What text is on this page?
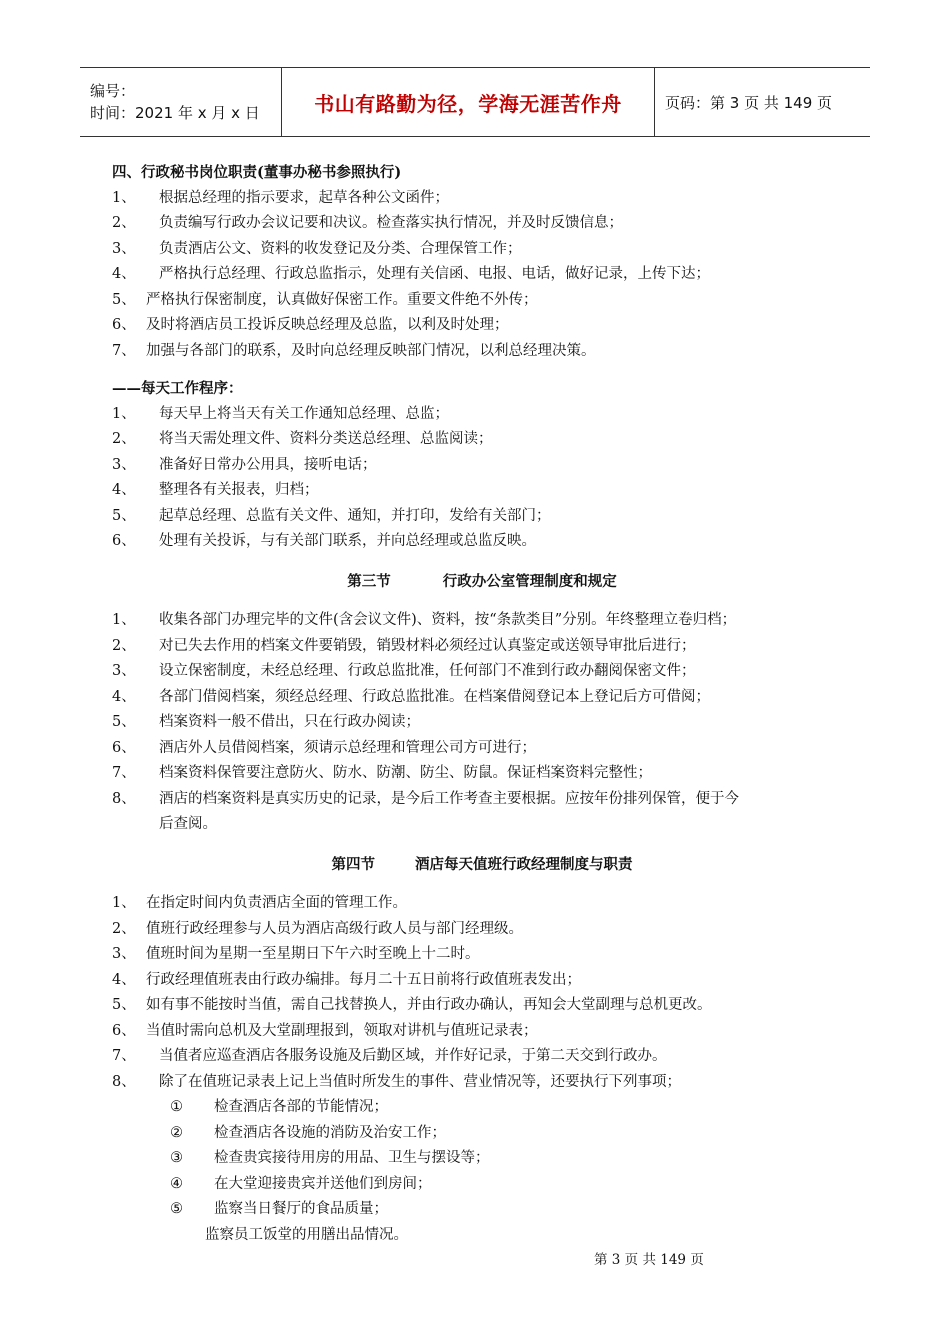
编号：
时间：2021 年 x 月 x 日	书山有路勤为径，学海无涯苦作舟	页码：第 3 页 共 149 页
四、行政秘书岗位职责(董事办秘书参照执行)
1、 根据总经理的指示要求，起草各种公文函件；
2、 负责编写行政办会议记要和决议。检查落实执行情况，并及时反馈信息；
3、 负责酒店公文、资料的收发登记及分类、合理保管工作；
4、 严格执行总经理、行政总监指示，处理有关信函、电报、电话，做好记录，上传下达；
5、 严格执行保密制度，认真做好保密工作。重要文件绝不外传；
6、 及时将酒店员工投诉反映总经理及总监，以利及时处理；
7、 加强与各部门的联系，及时向总经理反映部门情况，以利总经理决策。
——每天工作程序：
1、 每天早上将当天有关工作通知总经理、总监；
2、 将当天需处理文件、资料分类送总经理、总监阅读；
3、 准备好日常办公用具，接听电话；
4、 整理各有关报表，归档；
5、 起草总经理、总监有关文件、通知，并打印，发给有关部门；
6、 处理有关投诉，与有关部门联系，并向总经理或总监反映。
第三节	行政办公室管理制度和规定
1、 收集各部门办理完毕的文件(含会议文件)、资料，按“条款类目”分别。年终整理立卷归档；
2、 对已失去作用的档案文件要销毁，销毁材料必须经过认真鉴定或送领导审批后进行；
3、 设立保密制度，未经总经理、行政总监批准，任何部门不准到行政办翻阅保密文件；
4、 各部门借阅档案，须经总经理、行政总监批准。在档案借阅登记本上登记后方可借阅；
5、 档案资料一般不借出，只在行政办阅读；
6、 酒店外人员借阅档案，须请示总经理和管理公司方可进行；
7、 档案资料保管要注意防火、防水、防潮、防尘、防鼠。保证档案资料完整性；
8、 酒店的档案资料是真实历史的记录，是今后工作考查主要根据。应按年份排列保管，便于今
后查阅。
第四节	酒店每天值班行政经理制度与职责
1、 在指定时间内负责酒店全面的管理工作。
2、 值班行政经理参与人员为酒店高级行政人员与部门经理级。
3、 值班时间为星期一至星期日下午六时至晚上十二时。
4、 行政经理值班表由行政办编排。每月二十五日前将行政值班表发出；
5、 如有事不能按时当值，需自己找替换人，并由行政办确认，再知会大堂副理与总机更改。
6、 当值时需向总机及大堂副理报到，领取对讲机与值班记录表；
7、 当值者应巡查酒店各服务设施及后勤区域，并作好记录，于第二天交到行政办。
8、 除了在值班记录表上记上当值时所发生的事件、营业情况等，还要执行下列事项；
① 检查酒店各部的节能情况；
② 检查酒店各设施的消防及治安工作；
③ 检查贵宾接待用房的用品、卫生与摆设等；
④ 在大堂迎接贵宾并送他们到房间；
⑤ 监察当日餐厅的食品质量；
监察员工饭堂的用膳出品情况。
第 3 页 共 149 页
